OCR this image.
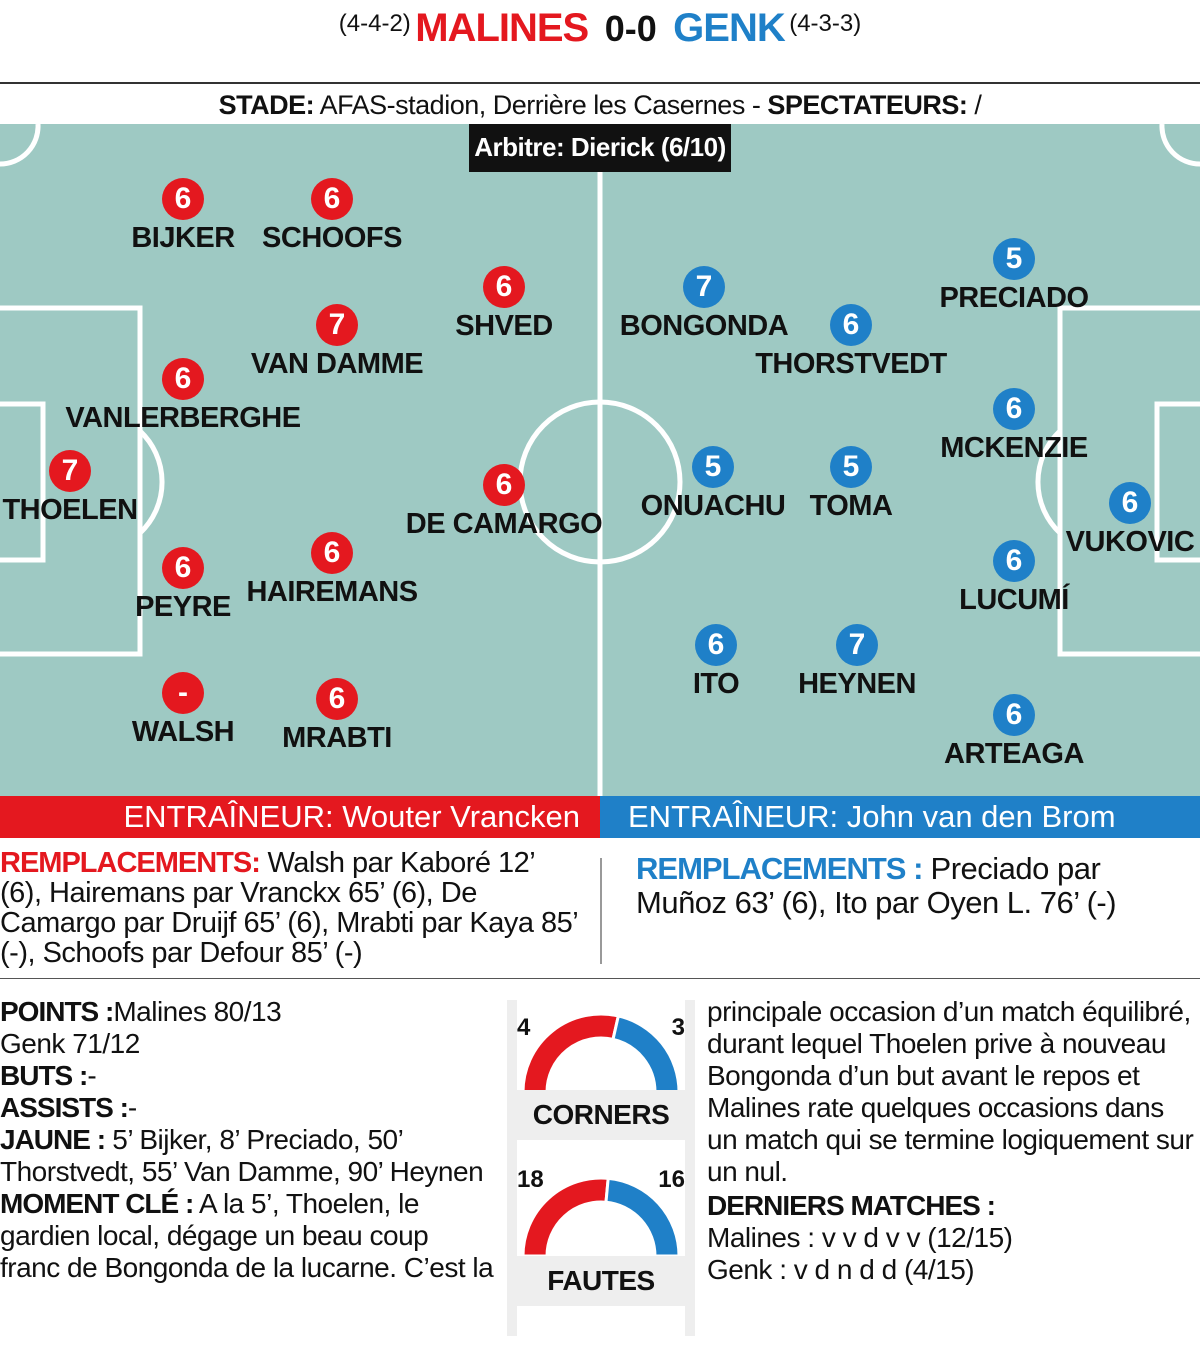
(4-4-2) MALINES 0-0 GENK (4-3-3)
STADE: AFAS-stadion, Derrière les Casernes - SPECTATEURS: /
Arbitre: Dierick (6/10)
6
BIJKER
6
SCHOOFS
6
SHVED
7
VAN DAMME
6
VANLERBERGHE
7
THOELEN
6
DE CAMARGO
6
HAIREMANS
6
PEYRE
-
WALSH
6
MRABTI
7
BONGONDA
5
PRECIADO
6
THORSTVEDT
6
MCKENZIE
5
ONUACHU
5
TOMA	6
VUKOVIC
6
LUCUMÍ
6
ITO
7
HEYNEN
6
ARTEAGA
ENTRAÎNEUR: Wouter Vrancken	ENTRAÎNEUR: John van den Brom
REMPLACEMENTS: Walsh par Kaboré 12’ (6), Hairemans par Vranckx 65’ (6), De Camargo par Druijf 65’ (6), Mrabti par Kaya 85’ (-), Schoofs par Defour 85’ (-)
REMPLACEMENTS : Preciado par Muñoz 63’ (6), Ito par Oyen L. 76’ (-)
POINTS :Malines 80/13
Genk 71/12
BUTS :-
ASSISTS :-
JAUNE : 5’ Bijker, 8’ Preciado, 50’ Thorstvedt, 55’ Van Damme, 90’ Heynen
MOMENT CLÉ : A la 5’, Thoelen, le gardien local, dégage un beau coup franc de Bongonda de la lucarne. C’est la
4	3
CORNERS
18	16
FAUTES
principale occasion d’un match équilibré, durant lequel Thoelen prive à nouveau Bongonda d’un but avant le repos et Malines rate quelques occasions dans un match qui se termine logiquement sur un nul.
DERNIERS MATCHES :
Malines : v v d v v (12/15)
Genk : v d n d d (4/15)
